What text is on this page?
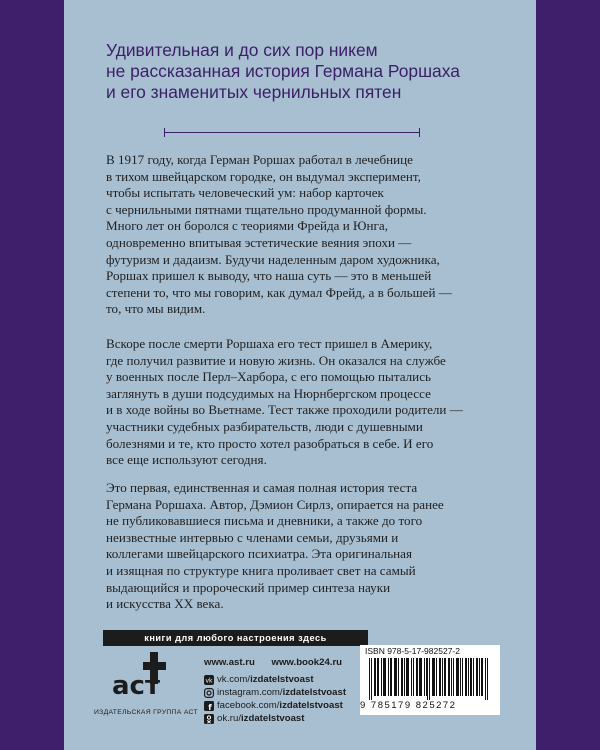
Удивительная и до сих пор никем
не рассказанная история Германа Роршаха
и его знаменитых чернильных пятен

В 1917 году, когда Герман Роршах работал в лечебнице
в тихом швейцарском городке, он выдумал эксперимент,
чтобы испытать человеческий ум: набор карточек
с чернильными пятнами тщательно продуманной формы.
Много лет он боролся с теориями Фрейда и Юнга,
одновременно впитывая эстетические веяния эпохи —
футуризм и дадаизм. Будучи наделенным даром художника,
Роршах пришел к выводу, что наша суть — это в меньшей
степени то, что мы говорим, как думал Фрейд, а в большей —
то, что мы видим.

Вскоре после смерти Роршаха его тест пришел в Америку,
где получил развитие и новую жизнь. Он оказался на службе
у военных после Перл–Харбора, с его помощью пытались
заглянуть в души подсудимых на Нюрнбергском процессе
и в ходе войны во Вьетнаме. Тест также проходили родители —
участники судебных разбирательств, люди с душевными
болезнями и те, кто просто хотел разобраться в себе. И его
все еще используют сегодня.

Это первая, единственная и самая полная история теста
Германа Роршаха. Автор, Дэмион Сирлз, опирается на ранее
не публиковавшиеся письма и дневники, а также до того
неизвестные интервью с членами семьи, друзьями и
коллегами швейцарского психиатра. Эта оригинальная
и изящная по структуре книга проливает свет на самый
выдающийся и пророческий пример синтеза науки
и искусства XX века.

книги для любого настроения здесь
aст
ИЗДАТЕЛЬСКАЯ ГРУППА АСТ
www.ast.ru www.book24.ru
vk vk.com/ izdatelstvoast
instagram.com/ izdatelstvoast
f facebook.com/ izdatelstvoast
ok.ru/ izdatelstvoast
ISBN 978-5-17-982527-2
9 785179 825272
